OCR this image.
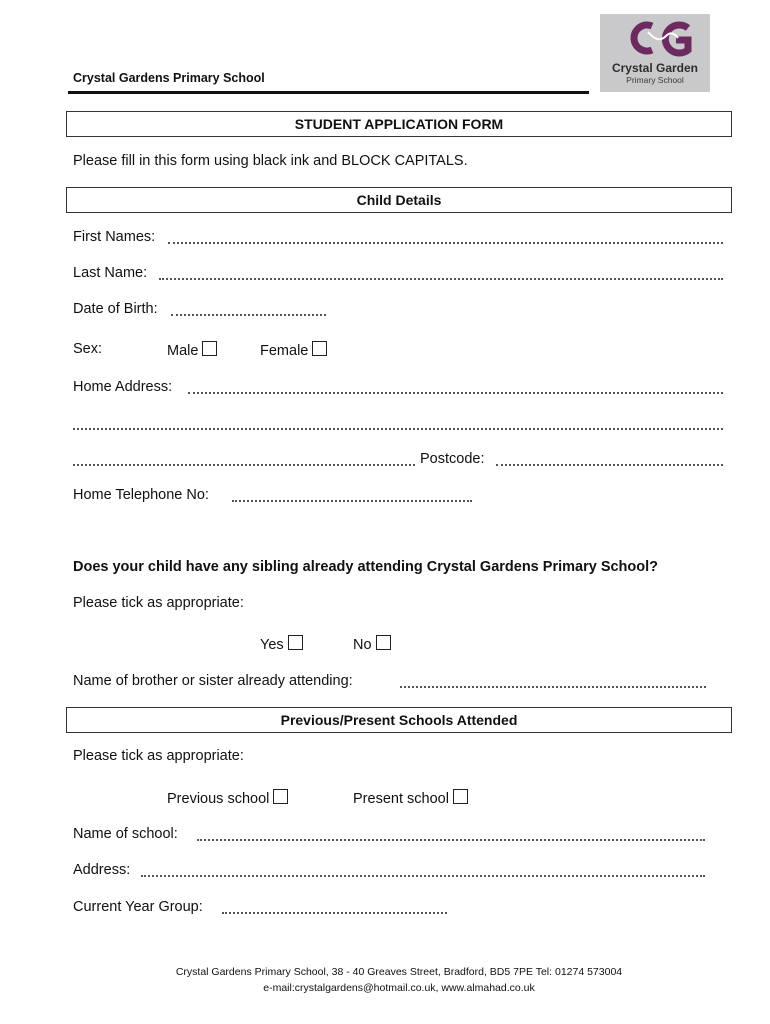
Crystal Gardens Primary School
Crystal Garden
Primary School
STUDENT APPLICATION FORM
Please fill in this form using black ink and BLOCK CAPITALS.
Child Details
First Names:
Last Name:
Date of Birth:
Sex:	Male	Female
Home Address:
Postcode:
Home Telephone No:
Does your child have any sibling already attending Crystal Gardens Primary School?
Please tick as appropriate:
Yes	No
Name of brother or sister already attending:
Previous/Present Schools Attended
Please tick as appropriate:
Previous school	Present school
Name of school:
Address:
Current Year Group:
Crystal Gardens Primary School, 38 - 40 Greaves Street, Bradford, BD5 7PE Tel: 01274 573004
e-mail:crystalgardens@hotmail.co.uk, www.almahad.co.uk
